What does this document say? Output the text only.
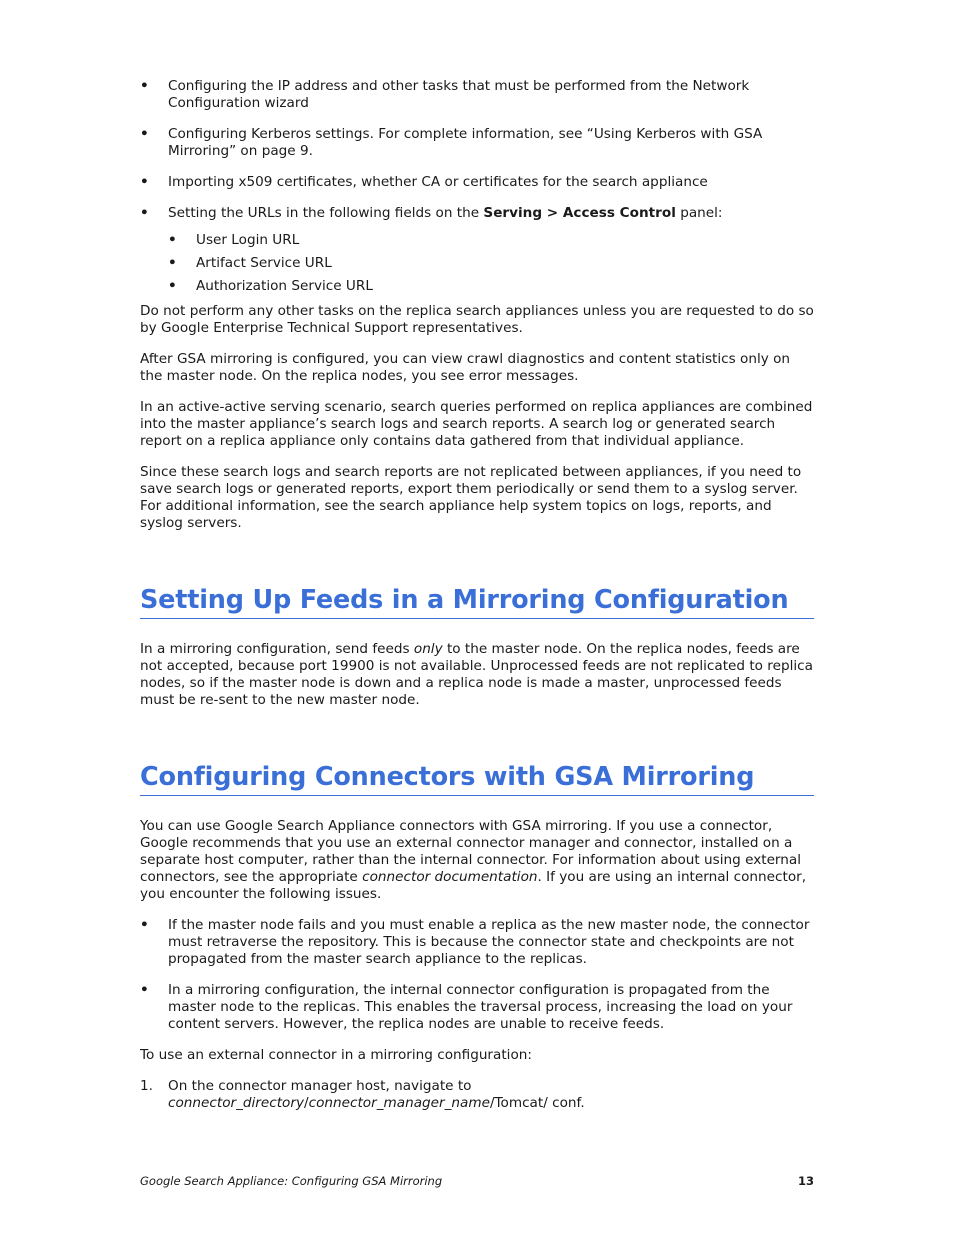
• Configuring the IP address and other tasks that must be performed from the Network Configuration wizard
• Configuring Kerberos settings. For complete information, see “Using Kerberos with GSA Mirroring” on page 9.
• Importing x509 certificates, whether CA or certificates for the search appliance
• Setting the URLs in the following fields on the Serving > Access Control panel:
• User Login URL
• Artifact Service URL
• Authorization Service URL

Do not perform any other tasks on the replica search appliances unless you are requested to do so by Google Enterprise Technical Support representatives.

After GSA mirroring is configured, you can view crawl diagnostics and content statistics only on the master node. On the replica nodes, you see error messages.

In an active-active serving scenario, search queries performed on replica appliances are combined into the master appliance’s search logs and search reports. A search log or generated search report on a replica appliance only contains data gathered from that individual appliance.

Since these search logs and search reports are not replicated between appliances, if you need to save search logs or generated reports, export them periodically or send them to a syslog server. For additional information, see the search appliance help system topics on logs, reports, and syslog servers.

Setting Up Feeds in a Mirroring Configuration

In a mirroring configuration, send feeds only to the master node. On the replica nodes, feeds are not accepted, because port 19900 is not available. Unprocessed feeds are not replicated to replica nodes, so if the master node is down and a replica node is made a master, unprocessed feeds must be re-sent to the new master node.

Configuring Connectors with GSA Mirroring

You can use Google Search Appliance connectors with GSA mirroring. If you use a connector, Google recommends that you use an external connector manager and connector, installed on a separate host computer, rather than the internal connector. For information about using external connectors, see the appropriate connector documentation. If you are using an internal connector, you encounter the following issues.

• If the master node fails and you must enable a replica as the new master node, the connector must retraverse the repository. This is because the connector state and checkpoints are not propagated from the master search appliance to the replicas.
• In a mirroring configuration, the internal connector configuration is propagated from the master node to the replicas. This enables the traversal process, increasing the load on your content servers. However, the replica nodes are unable to receive feeds.

To use an external connector in a mirroring configuration:

1. On the connector manager host, navigate to connector_directory/connector_manager_name/Tomcat/ conf.
Google Search Appliance: Configuring GSA Mirroring	13
